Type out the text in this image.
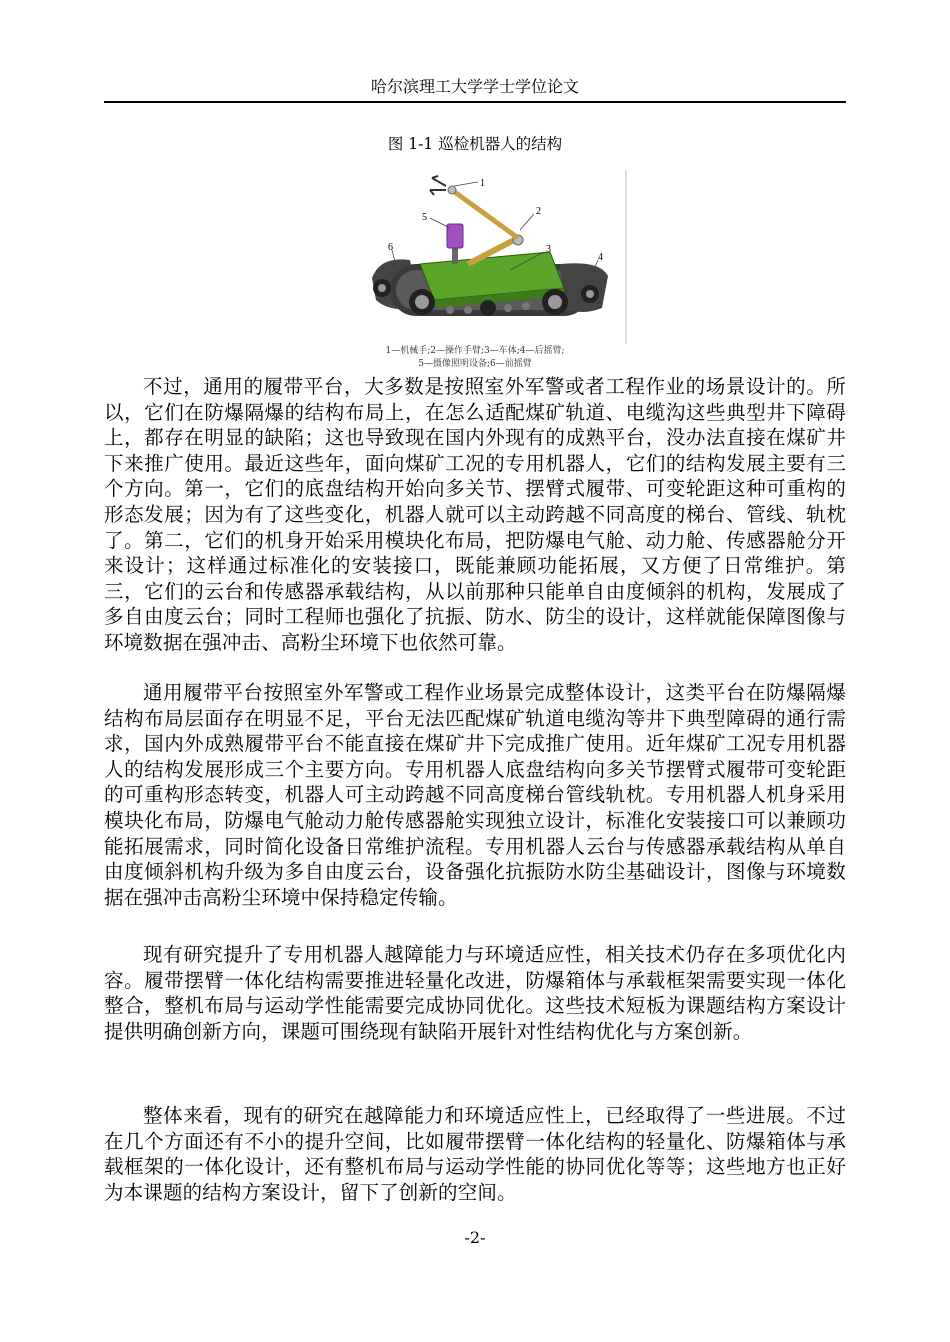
哈尔滨理工大学学士学位论文
图 1-1 巡检机器人的结构
1
2
3
4
5
6
1—机械手;2—操作手臂;3—车体;4—后摇臂;
5—摄像照明设备;6—前摇臂

不过，通用的履带平台，大多数是按照室外军警或者工程作业的场景设计的。所以，它们在防爆隔爆的结构布局上，在怎么适配煤矿轨道、电缆沟这些典型井下障碍上，都存在明显的缺陷；这也导致现在国内外现有的成熟平台，没办法直接在煤矿井下来推广使用。最近这些年，面向煤矿工况的专用机器人，它们的结构发展主要有三个方向。第一，它们的底盘结构开始向多关节、摆臂式履带、可变轮距这种可重构的形态发展；因为有了这些变化，机器人就可以主动跨越不同高度的梯台、管线、轨枕了。第二，它们的机身开始采用模块化布局，把防爆电气舱、动力舱、传感器舱分开来设计；这样通过标准化的安装接口，既能兼顾功能拓展，又方便了日常维护。第三，它们的云台和传感器承载结构，从以前那种只能单自由度倾斜的机构，发展成了多自由度云台；同时工程师也强化了抗振、防水、防尘的设计，这样就能保障图像与环境数据在强冲击、高粉尘环境下也依然可靠。

通用履带平台按照室外军警或工程作业场景完成整体设计，这类平台在防爆隔爆结构布局层面存在明显不足，平台无法匹配煤矿轨道电缆沟等井下典型障碍的通行需求，国内外成熟履带平台不能直接在煤矿井下完成推广使用。近年煤矿工况专用机器人的结构发展形成三个主要方向。专用机器人底盘结构向多关节摆臂式履带可变轮距的可重构形态转变，机器人可主动跨越不同高度梯台管线轨枕。专用机器人机身采用模块化布局，防爆电气舱动力舱传感器舱实现独立设计，标准化安装接口可以兼顾功能拓展需求，同时简化设备日常维护流程。专用机器人云台与传感器承载结构从单自由度倾斜机构升级为多自由度云台，设备强化抗振防水防尘基础设计，图像与环境数据在强冲击高粉尘环境中保持稳定传输。

现有研究提升了专用机器人越障能力与环境适应性，相关技术仍存在多项优化内容。履带摆臂一体化结构需要推进轻量化改进，防爆箱体与承载框架需要实现一体化整合，整机布局与运动学性能需要完成协同优化。这些技术短板为课题结构方案设计提供明确创新方向，课题可围绕现有缺陷开展针对性结构优化与方案创新。

整体来看，现有的研究在越障能力和环境适应性上，已经取得了一些进展。不过在几个方面还有不小的提升空间，比如履带摆臂一体化结构的轻量化、防爆箱体与承载框架的一体化设计，还有整机布局与运动学性能的协同优化等等；这些地方也正好为本课题的结构方案设计，留下了创新的空间。

-2-
